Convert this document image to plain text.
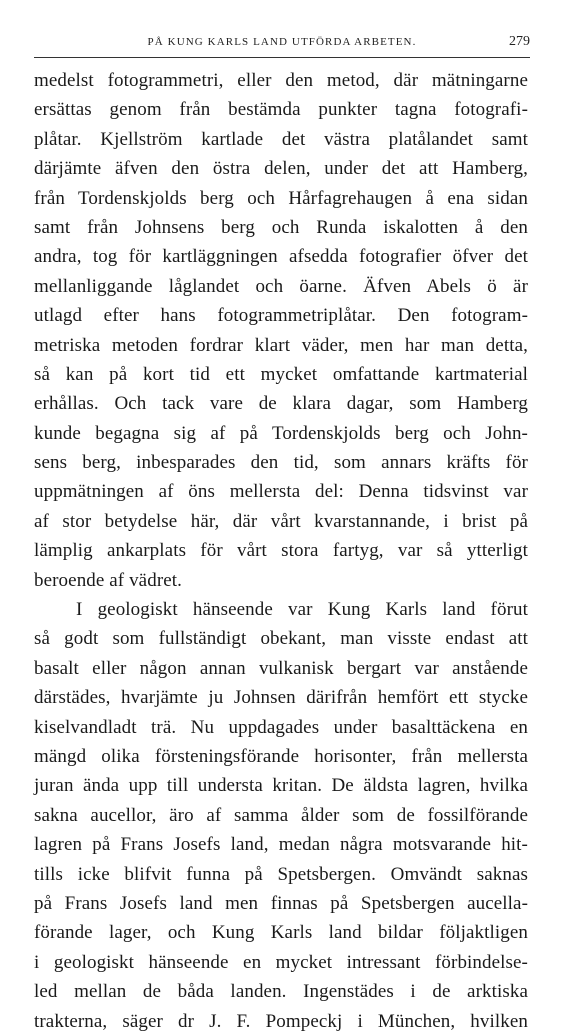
PÅ KUNG KARLS LAND UTFÖRDA ARBETEN.	279
medelst fotogrammetri, eller den metod, där mätningarne
ersättas genom från bestämda punkter tagna fotografi-
plåtar. Kjellström kartlade det västra platålandet samt
därjämte äfven den östra delen, under det att Hamberg,
från Tordenskjolds berg och Hårfagrehaugen å ena sidan
samt från Johnsens berg och Runda iskalotten å den
andra, tog för kartläggningen afsedda fotografier öfver det
mellanliggande låglandet och öarne. Äfven Abels ö är
utlagd efter hans fotogrammetriplåtar. Den fotogram-
metriska metoden fordrar klart väder, men har man detta,
så kan på kort tid ett mycket omfattande kartmaterial
erhållas. Och tack vare de klara dagar, som Hamberg
kunde begagna sig af på Tordenskjolds berg och John-
sens berg, inbesparades den tid, som annars kräfts för
uppmätningen af öns mellersta del: Denna tidsvinst var
af stor betydelse här, där vårt kvarstannande, i brist på
lämplig ankarplats för vårt stora fartyg, var så ytterligt
beroende af vädret.
I geologiskt hänseende var Kung Karls land förut
så godt som fullständigt obekant, man visste endast att
basalt eller någon annan vulkanisk bergart var anstående
därstädes, hvarjämte ju Johnsen därifrån hemfört ett stycke
kiselvandladt trä. Nu uppdagades under basalttäckena en
mängd olika försteningsförande horisonter, från mellersta
juran ända upp till understa kritan. De äldsta lagren, hvilka
sakna aucellor, äro af samma ålder som de fossilförande
lagren på Frans Josefs land, medan några motsvarande hit-
tills icke blifvit funna på Spetsbergen. Omvändt saknas
på Frans Josefs land men finnas på Spetsbergen aucella-
förande lager, och Kung Karls land bildar följaktligen
i geologiskt hänseende en mycket intressant förbindelse-
led mellan de båda landen. Ingenstädes i de arktiska
trakterna, säger dr J. F. Pompeckj i München, hvilken
